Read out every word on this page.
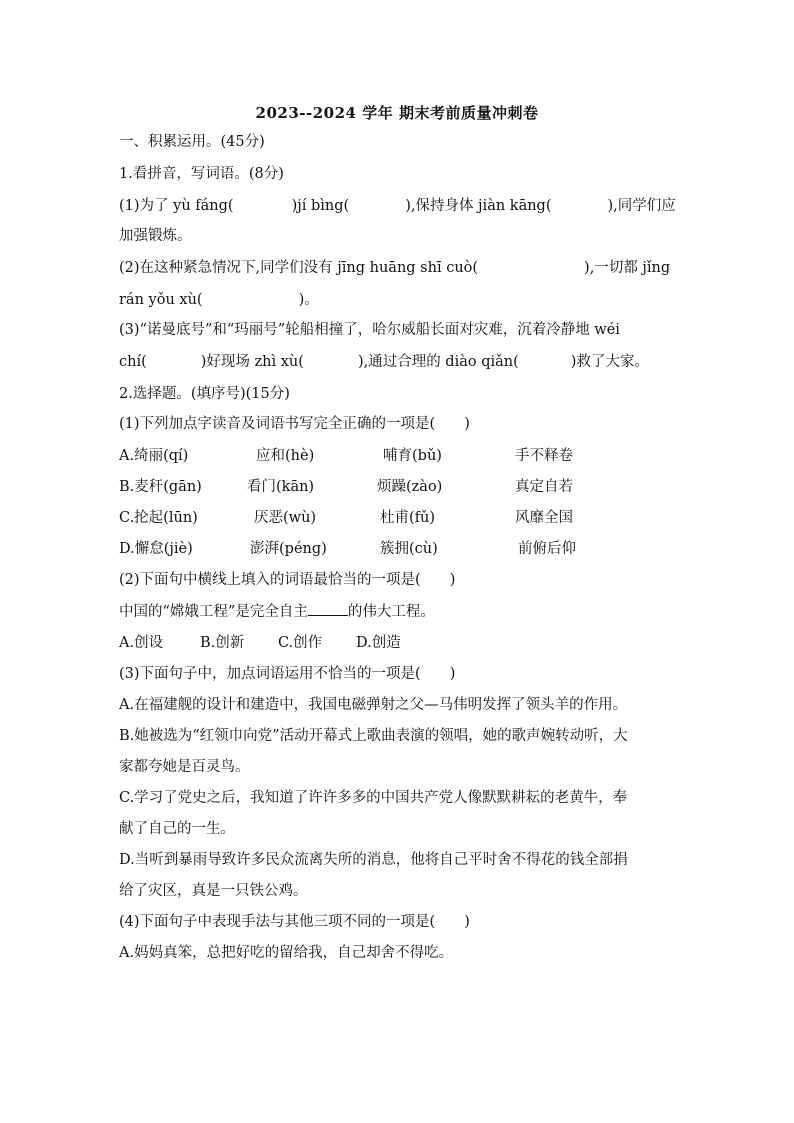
2023--2024 学年 期末考前质量冲刺卷
一、积累运用。(45分)
1.看拼音，写词语。(8分)
(1)为了 yù fáng(	)jí bìng(	),保持身体 jiàn kāng(	),同学们应
加强锻炼。
(2)在这种紧急情况下,同学们没有 jīng huāng shī cuò(	),一切都 jǐng
rán yǒu xù(	)。
(3)“诺曼底号”和“玛丽号”轮船相撞了，哈尔威船长面对灾难，沉着冷静地 wéi
chí(	)好现场 zhì xù(	),通过合理的 diào qiǎn(	)救了大家。
2.选择题。(填序号)(15分)
(1)下列加点字读音及词语书写完全正确的一项是(　　)
A.绮丽(qí)	应和(hè)	哺育(bǔ)	手不释卷
B.麦秆(gān)	看门(kān)	烦躁(zào)	真定自若
C.抡起(lūn)	厌恶(wù)	杜甫(fǔ)	风靡全国
D.懈怠(jiè)	澎湃(péng)	簇拥(cù)	前俯后仰
(2)下面句中横线上填入的词语最恰当的一项是(　　)
中国的“嫦娥工程”是完全自主	的伟大工程。
A.创设	B.创新 C.创作 D.创造
(3)下面句子中，加点词语运用不恰当的一项是(　　)
A.在福建舰的设计和建造中，我国电磁弹射之父—马伟明发挥了领头羊的作用。
B.她被选为“红领巾向党”活动开幕式上歌曲表演的领唱，她的歌声婉转动听，大
家都夸她是百灵鸟。
C.学习了党史之后，我知道了许许多多的中国共产党人像默默耕耘的老黄牛，奉
献了自己的一生。
D.当听到暴雨导致许多民众流离失所的消息，他将自己平时舍不得花的钱全部捐
给了灾区，真是一只铁公鸡。
(4)下面句子中表现手法与其他三项不同的一项是(　　)
A.妈妈真笨，总把好吃的留给我，自己却舍不得吃。
